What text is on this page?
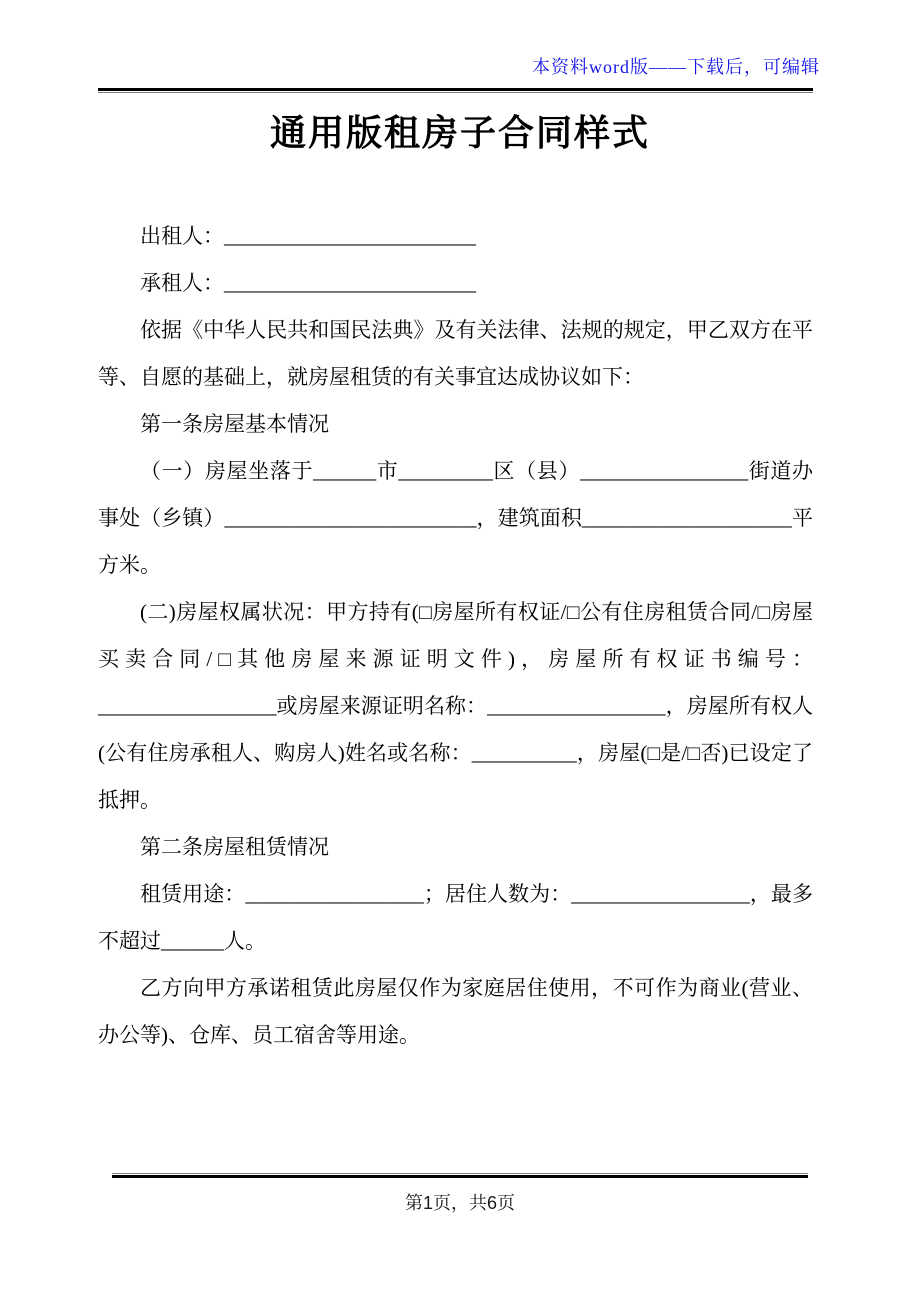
本资料word版——下载后，可编辑
通用版租房子合同样式

出租人：________________________

承租人：________________________

依据《中华人民共和国民法典》及有关法律、法规的规定，甲乙双方在平等、自愿的基础上，就房屋租赁的有关事宜达成协议如下：

第一条房屋基本情况

（一）房屋坐落于______市_________区（县）________________街道办事处（乡镇）________________________，建筑面积____________________平方米。

(二)房屋权属状况：甲方持有(□房屋所有权证/□公有住房租赁合同/□房屋买卖合同/□其他房屋来源证明文件)，房屋所有权证书编号：_________________或房屋来源证明名称：_________________，房屋所有权人(公有住房承租人、购房人)姓名或名称：__________，房屋(□是/□否)已设定了抵押。

第二条房屋租赁情况

租赁用途：_________________；居住人数为：_________________，最多不超过______人。

乙方向甲方承诺租赁此房屋仅作为家庭居住使用，不可作为商业(营业、办公等)、仓库、员工宿舍等用途。

第1页，共6页
